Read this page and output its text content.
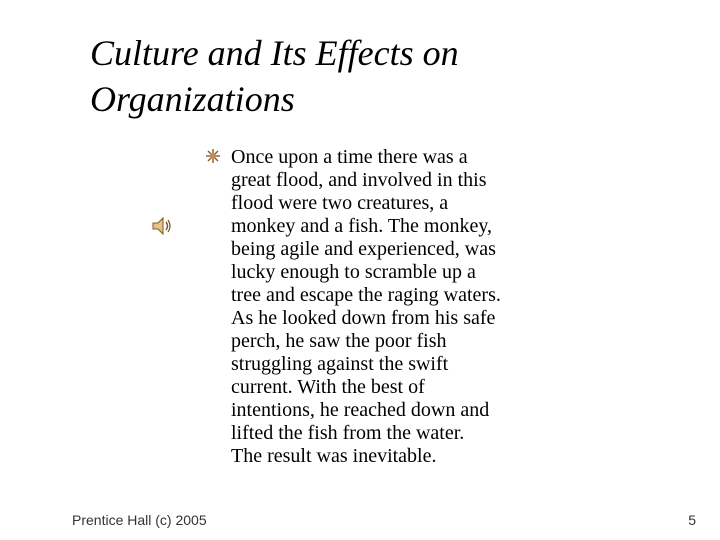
Culture and Its Effects on
Organizations

Once upon a time there was a
great flood, and involved in this
flood were two creatures, a
monkey and a fish. The monkey,
being agile and experienced, was
lucky enough to scramble up a
tree and escape the raging waters.
As he looked down from his safe
perch, he saw the poor fish
struggling against the swift
current. With the best of
intentions, he reached down and
lifted the fish from the water.
The result was inevitable.

Prentice Hall (c) 2005	5
